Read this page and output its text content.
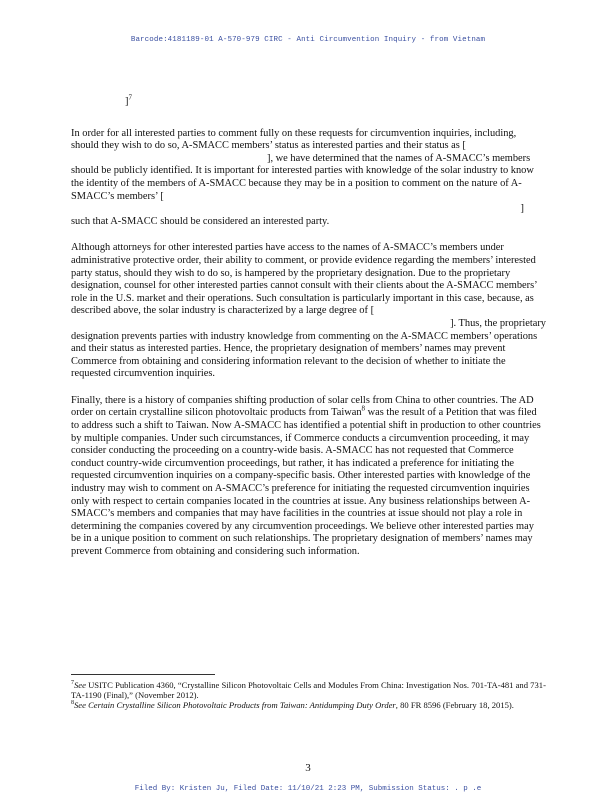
Barcode:4181189-01 A-570-979 CIRC - Anti Circumvention Inquiry - from Vietnam

]$^7$

In order for all interested parties to comment fully on these requests for circumvention inquiries, including, should they wish to do so, A-SMACC members’ status as interested parties and their status as [], we have determined that the names of A-SMACC’s members should be publicly identified. It is important for interested parties with knowledge of the solar industry to know the identity of the members of A-SMACC because they may be in a position to comment on the nature of A-SMACC’s members’ [

]

such that A-SMACC should be considered an interested party.

Although attorneys for other interested parties have access to the names of A-SMACC’s members under administrative protective order, their ability to comment, or provide evidence regarding the members’ interested party status, should they wish to do so, is hampered by the proprietary designation. Due to the proprietary designation, counsel for other interested parties cannot consult with their clients about the A-SMACC members’ role in the U.S. market and their operations. Such consultation is particularly important in this case, because, as described above, the solar industry is characterized by a large degree of [

]. Thus, the proprietary

designation prevents parties with industry knowledge from commenting on the A-SMACC members’ operations and their status as interested parties. Hence, the proprietary designation of members’ names may prevent Commerce from obtaining and considering information relevant to the decision of whether to initiate the requested circumvention inquiries.

Finally, there is a history of companies shifting production of solar cells from China to other countries. The AD order on certain crystalline silicon photovoltaic products from Taiwan$^8$ was the result of a Petition that was filed to address such a shift to Taiwan. Now A-SMACC has identified a potential shift in production to other countries by multiple companies. Under such circumstances, if Commerce conducts a circumvention proceeding, it may consider conducting the proceeding on a country-wide basis. A-SMACC has not requested that Commerce conduct country-wide circumvention proceedings, but rather, it has indicated a preference for initiating the requested circumvention inquiries on a company-specific basis. Other interested parties with knowledge of the industry may wish to comment on A-SMACC’s preference for initiating the requested circumvention inquiries only with respect to certain companies located in the countries at issue. Any business relationships between A-SMACC’s members and companies that may have facilities in the countries at issue should not play a role in determining the companies covered by any circumvention proceedings. We believe other interested parties may be in a unique position to comment on such relationships. The proprietary designation of members’ names may prevent Commerce from obtaining and considering such information.

$^7$See USITC Publication 4360, “Crystalline Silicon Photovoltaic Cells and Modules From China: Investigation Nos. 701-TA-481 and 731-TA-1190 (Final),” (November 2012).

$^8$See Certain Crystalline Silicon Photovoltaic Products from Taiwan: Antidumping Duty Order, 80 FR 8596 (February 18, 2015).

3
Filed By: Kristen Ju, Filed Date: 11/10/21 2:23 PM, Submission Status: . p .e
